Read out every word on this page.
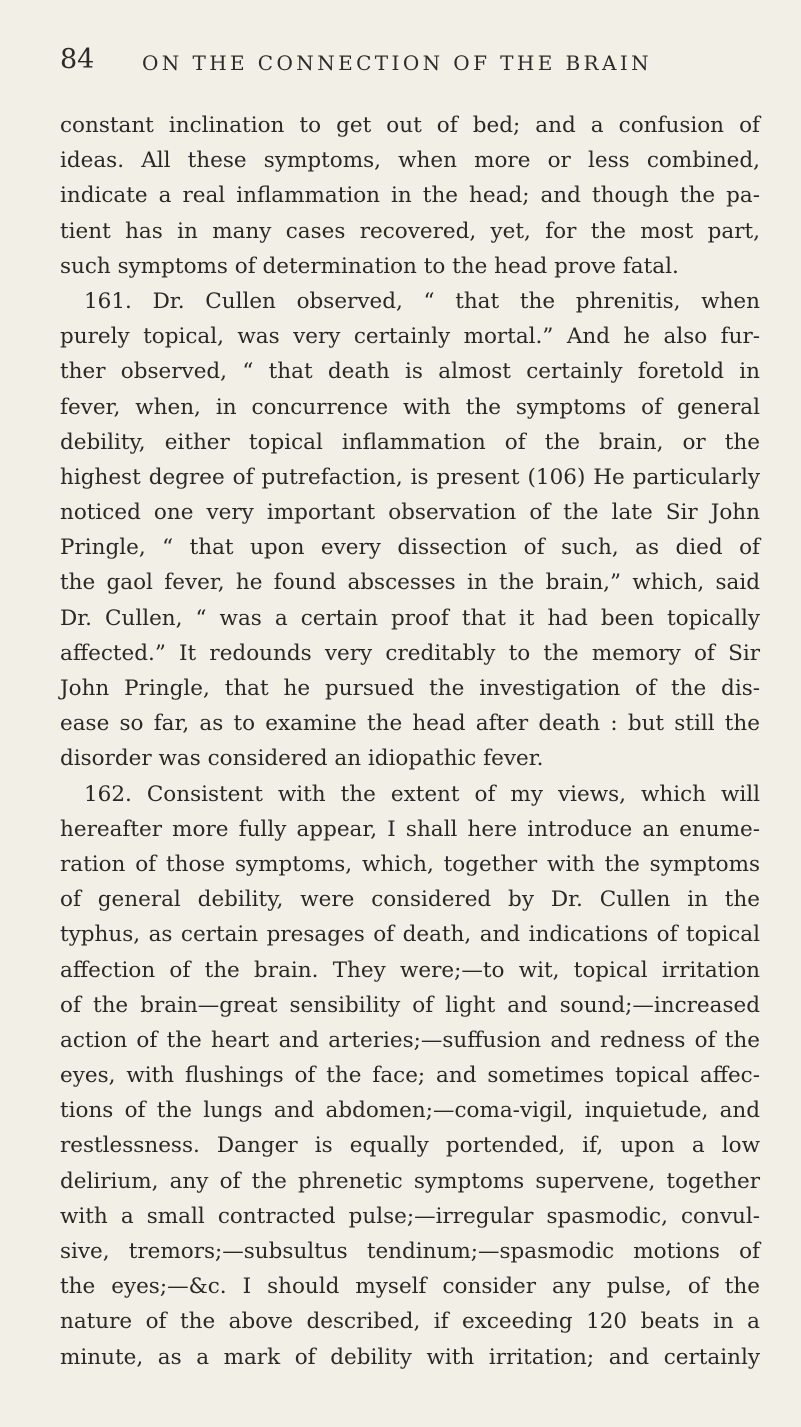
84 ON THE CONNECTION OF THE BRAIN
constant inclination to get out of bed; and a confusion of
ideas. All these symptoms, when more or less combined,
indicate a real inflammation in the head; and though the pa-
tient has in many cases recovered, yet, for the most part,
such symptoms of determination to the head prove fatal.
161. Dr. Cullen observed, “ that the phrenitis, when
purely topical, was very certainly mortal.” And he also fur-
ther observed, “ that death is almost certainly foretold in
fever, when, in concurrence with the symptoms of general
debility, either topical inflammation of the brain, or the
highest degree of putrefaction, is present (106) He particularly
noticed one very important observation of the late Sir John
Pringle, “ that upon every dissection of such, as died of
the gaol fever, he found abscesses in the brain,” which, said
Dr. Cullen, “ was a certain proof that it had been topically
affected.” It redounds very creditably to the memory of Sir
John Pringle, that he pursued the investigation of the dis-
ease so far, as to examine the head after death : but still the
disorder was considered an idiopathic fever.
162. Consistent with the extent of my views, which will
hereafter more fully appear, I shall here introduce an enume-
ration of those symptoms, which, together with the symptoms
of general debility, were considered by Dr. Cullen in the
typhus, as certain presages of death, and indications of topical
affection of the brain. They were;—to wit, topical irritation
of the brain—great sensibility of light and sound;—increased
action of the heart and arteries;—suffusion and redness of the
eyes, with flushings of the face; and sometimes topical affec-
tions of the lungs and abdomen;—coma-vigil, inquietude, and
restlessness. Danger is equally portended, if, upon a low
delirium, any of the phrenetic symptoms supervene, together
with a small contracted pulse;—irregular spasmodic, convul-
sive, tremors;—subsultus tendinum;—spasmodic motions of
the eyes;—&c. I should myself consider any pulse, of the
nature of the above described, if exceeding 120 beats in a
minute, as a mark of debility with irritation; and certainly
